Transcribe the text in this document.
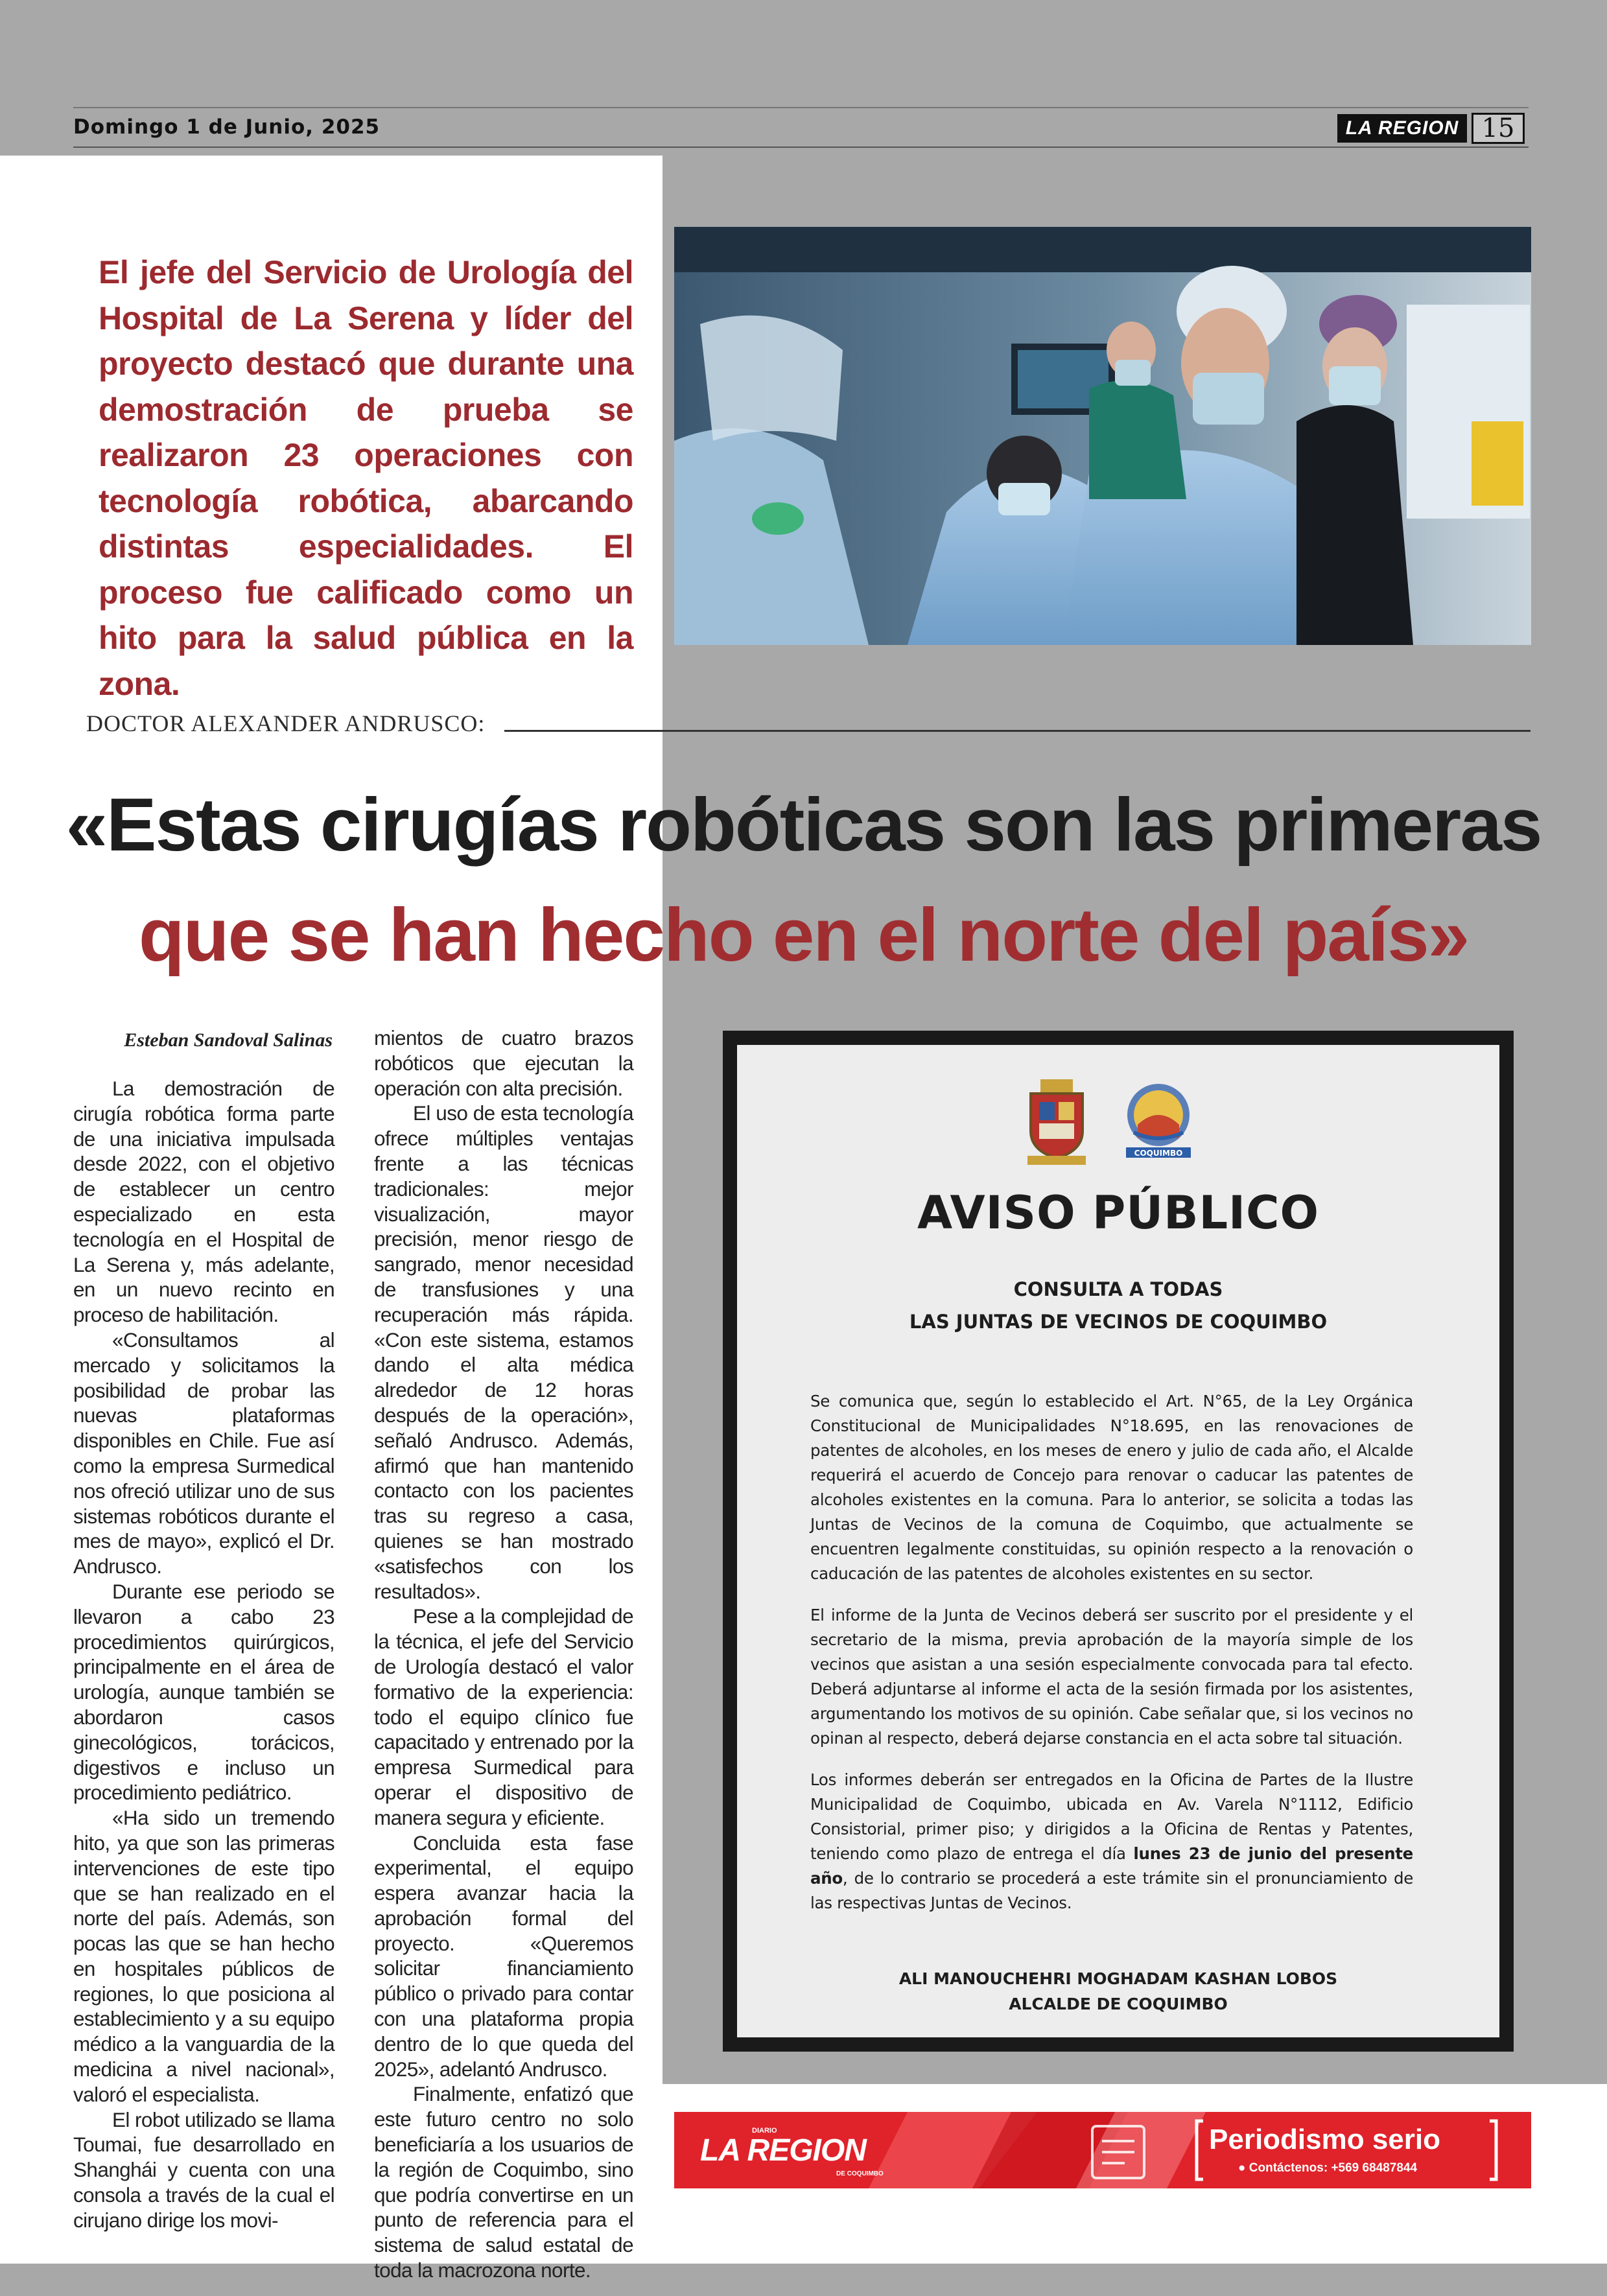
Domingo 1 de Junio, 2025	LA REGION 15
El jefe del Servicio de Urología del Hospital de La Serena y líder del proyecto destacó que durante una demostración de prueba se realizaron 23 operaciones con tecnología robótica, abarcando distintas especialidades. El proceso fue calificado como un hito para la salud pública en la zona.
DOCTOR ALEXANDER ANDRUSCO:
«Estas cirugías robóticas son las primeras
que se han hecho en el norte del país»
Esteban Sandoval Salinas

La demostración de cirugía robótica forma parte de una iniciativa impulsada desde 2022, con el objetivo de establecer un centro especializado en esta tecnología en el Hospital de La Serena y, más adelante, en un nuevo recinto en proceso de habilitación.

«Consultamos al mercado y solicitamos la posibilidad de probar las nuevas plataformas disponibles en Chile. Fue así como la empresa Surmedical nos ofreció utilizar uno de sus sistemas robóticos durante el mes de mayo», explicó el Dr. Andrusco.

Durante ese periodo se llevaron a cabo 23 procedimientos quirúrgicos, principalmente en el área de urología, aunque también se abordaron casos ginecológicos, torácicos, digestivos e incluso un procedimiento pediátrico.

«Ha sido un tremendo hito, ya que son las primeras intervenciones de este tipo que se han realizado en el norte del país. Además, son pocas las que se han hecho en hospitales públicos de regiones, lo que posiciona al establecimiento y a su equipo médico a la vanguardia de la medicina a nivel nacional», valoró el especialista.

El robot utilizado se llama Toumai, fue desarrollado en Shanghái y cuenta con una consola a través de la cual el cirujano dirige los movi-

mientos de cuatro brazos robóticos que ejecutan la operación con alta precisión.

El uso de esta tecnología ofrece múltiples ventajas frente a las técnicas tradicionales: mejor visualización, mayor precisión, menor riesgo de sangrado, menor necesidad de transfusiones y una recuperación más rápida. «Con este sistema, estamos dando el alta médica alrededor de 12 horas después de la operación», señaló Andrusco. Además, afirmó que han mantenido contacto con los pacientes tras su regreso a casa, quienes se han mostrado «satisfechos con los resultados».

Pese a la complejidad de la técnica, el jefe del Servicio de Urología destacó el valor formativo de la experiencia: todo el equipo clínico fue capacitado y entrenado por la empresa Surmedical para operar el dispositivo de manera segura y eficiente.

Concluida esta fase experimental, el equipo espera avanzar hacia la aprobación formal del proyecto. «Queremos solicitar financiamiento público o privado para contar con una plataforma propia dentro de lo que queda del 2025», adelantó Andrusco.

Finalmente, enfatizó que este futuro centro no solo beneficiaría a los usuarios de la región de Coquimbo, sino que podría convertirse en un punto de referencia para el sistema de salud estatal de toda la macrozona norte.

COQUIMBO
AVISO PÚBLICO
CONSULTA A TODAS
LAS JUNTAS DE VECINOS DE COQUIMBO
Se comunica que, según lo establecido el Art. N°65, de la Ley Orgánica Constitucional de Municipalidades N°18.695, en las renovaciones de patentes de alcoholes, en los meses de enero y julio de cada año, el Alcalde requerirá el acuerdo de Concejo para renovar o caducar las patentes de alcoholes existentes en la comuna. Para lo anterior, se solicita a todas las Juntas de Vecinos de la comuna de Coquimbo, que actualmente se encuentren legalmente constituidas, su opinión respecto a la renovación o caducación de las patentes de alcoholes existentes en su sector.
El informe de la Junta de Vecinos deberá ser suscrito por el presidente y el secretario de la misma, previa aprobación de la mayoría simple de los vecinos que asistan a una sesión especialmente convocada para tal efecto. Deberá adjuntarse al informe el acta de la sesión firmada por los asistentes, argumentando los motivos de su opinión. Cabe señalar que, si los vecinos no opinan al respecto, deberá dejarse constancia en el acta sobre tal situación.
Los informes deberán ser entregados en la Oficina de Partes de la Ilustre Municipalidad de Coquimbo, ubicada en Av. Varela N°1112, Edificio Consistorial, primer piso; y dirigidos a la Oficina de Rentas y Patentes, teniendo como plazo de entrega el día lunes 23 de junio del presente año, de lo contrario se procederá a este trámite sin el pronunciamiento de las respectivas Juntas de Vecinos.
ALI MANOUCHEHRI MOGHADAM KASHAN LOBOS
ALCALDE DE COQUIMBO
DIARIO
DE COQUIMBO
LA REGION	Periodismo serio
● Contáctenos: +569 68487844
